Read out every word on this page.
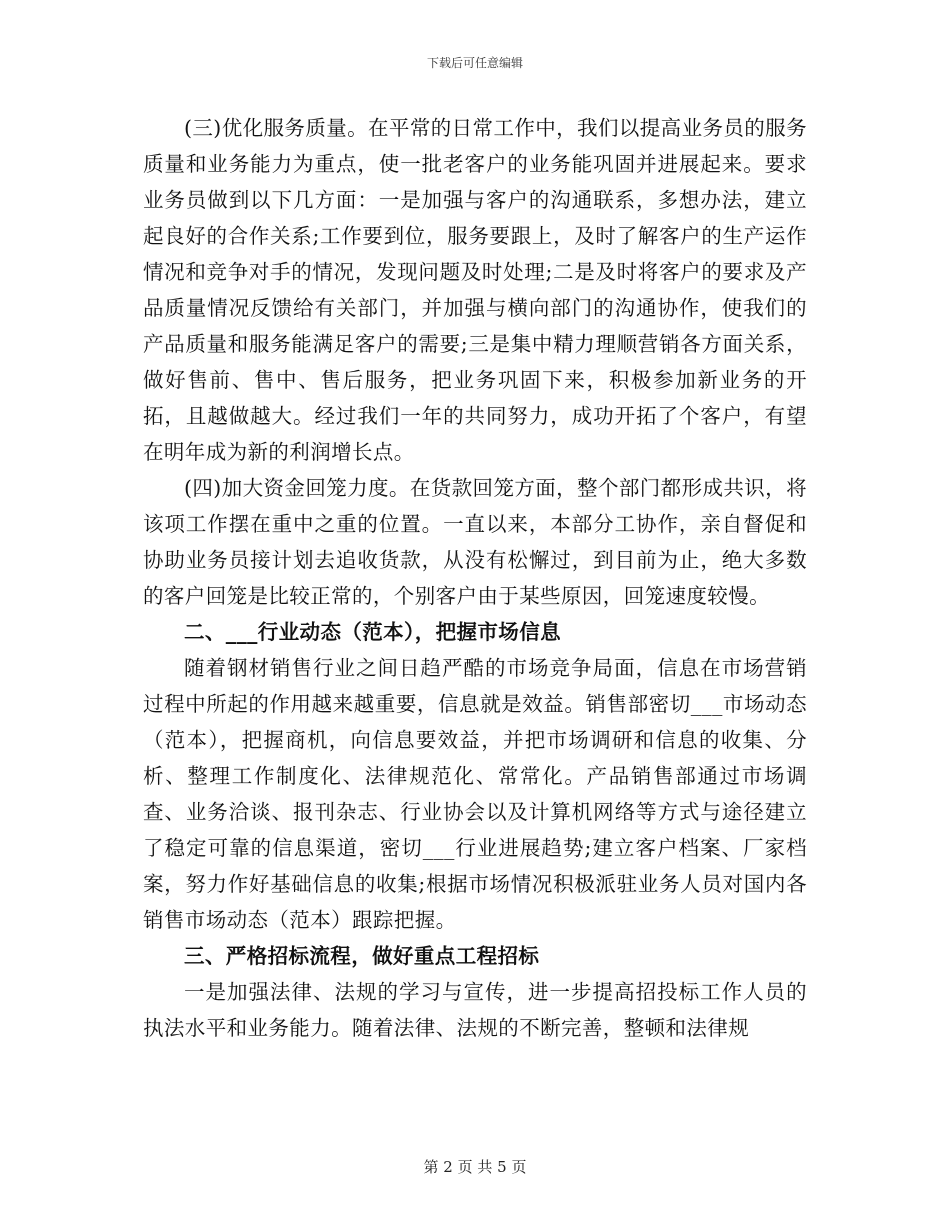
下载后可任意编辑

(三)优化服务质量。在平常的日常工作中，我们以提高业务员的服务质量和业务能力为重点，使一批老客户的业务能巩固并进展起来。要求业务员做到以下几方面：一是加强与客户的沟通联系，多想办法，建立起良好的合作关系;工作要到位，服务要跟上，及时了解客户的生产运作情况和竞争对手的情况，发现问题及时处理;二是及时将客户的要求及产品质量情况反馈给有关部门，并加强与横向部门的沟通协作，使我们的产品质量和服务能满足客户的需要;三是集中精力理顺营销各方面关系，做好售前、售中、售后服务，把业务巩固下来，积极参加新业务的开拓，且越做越大。经过我们一年的共同努力，成功开拓了个客户，有望在明年成为新的利润增长点。

(四)加大资金回笼力度。在货款回笼方面，整个部门都形成共识，将该项工作摆在重中之重的位置。一直以来，本部分工协作，亲自督促和协助业务员接计划去追收货款，从没有松懈过，到目前为止，绝大多数的客户回笼是比较正常的，个别客户由于某些原因，回笼速度较慢。

二、___行业动态（范本），把握市场信息

随着钢材销售行业之间日趋严酷的市场竞争局面，信息在市场营销过程中所起的作用越来越重要，信息就是效益。销售部密切___市场动态（范本），把握商机，向信息要效益，并把市场调研和信息的收集、分析、整理工作制度化、法律规范化、常常化。产品销售部通过市场调查、业务洽谈、报刊杂志、行业协会以及计算机网络等方式与途径建立了稳定可靠的信息渠道，密切___行业进展趋势;建立客户档案、厂家档案，努力作好基础信息的收集;根据市场情况积极派驻业务人员对国内各销售市场动态（范本）跟踪把握。

三、严格招标流程，做好重点工程招标

一是加强法律、法规的学习与宣传，进一步提高招投标工作人员的执法水平和业务能力。随着法律、法规的不断完善，整顿和法律规

第 2 页 共 5 页
